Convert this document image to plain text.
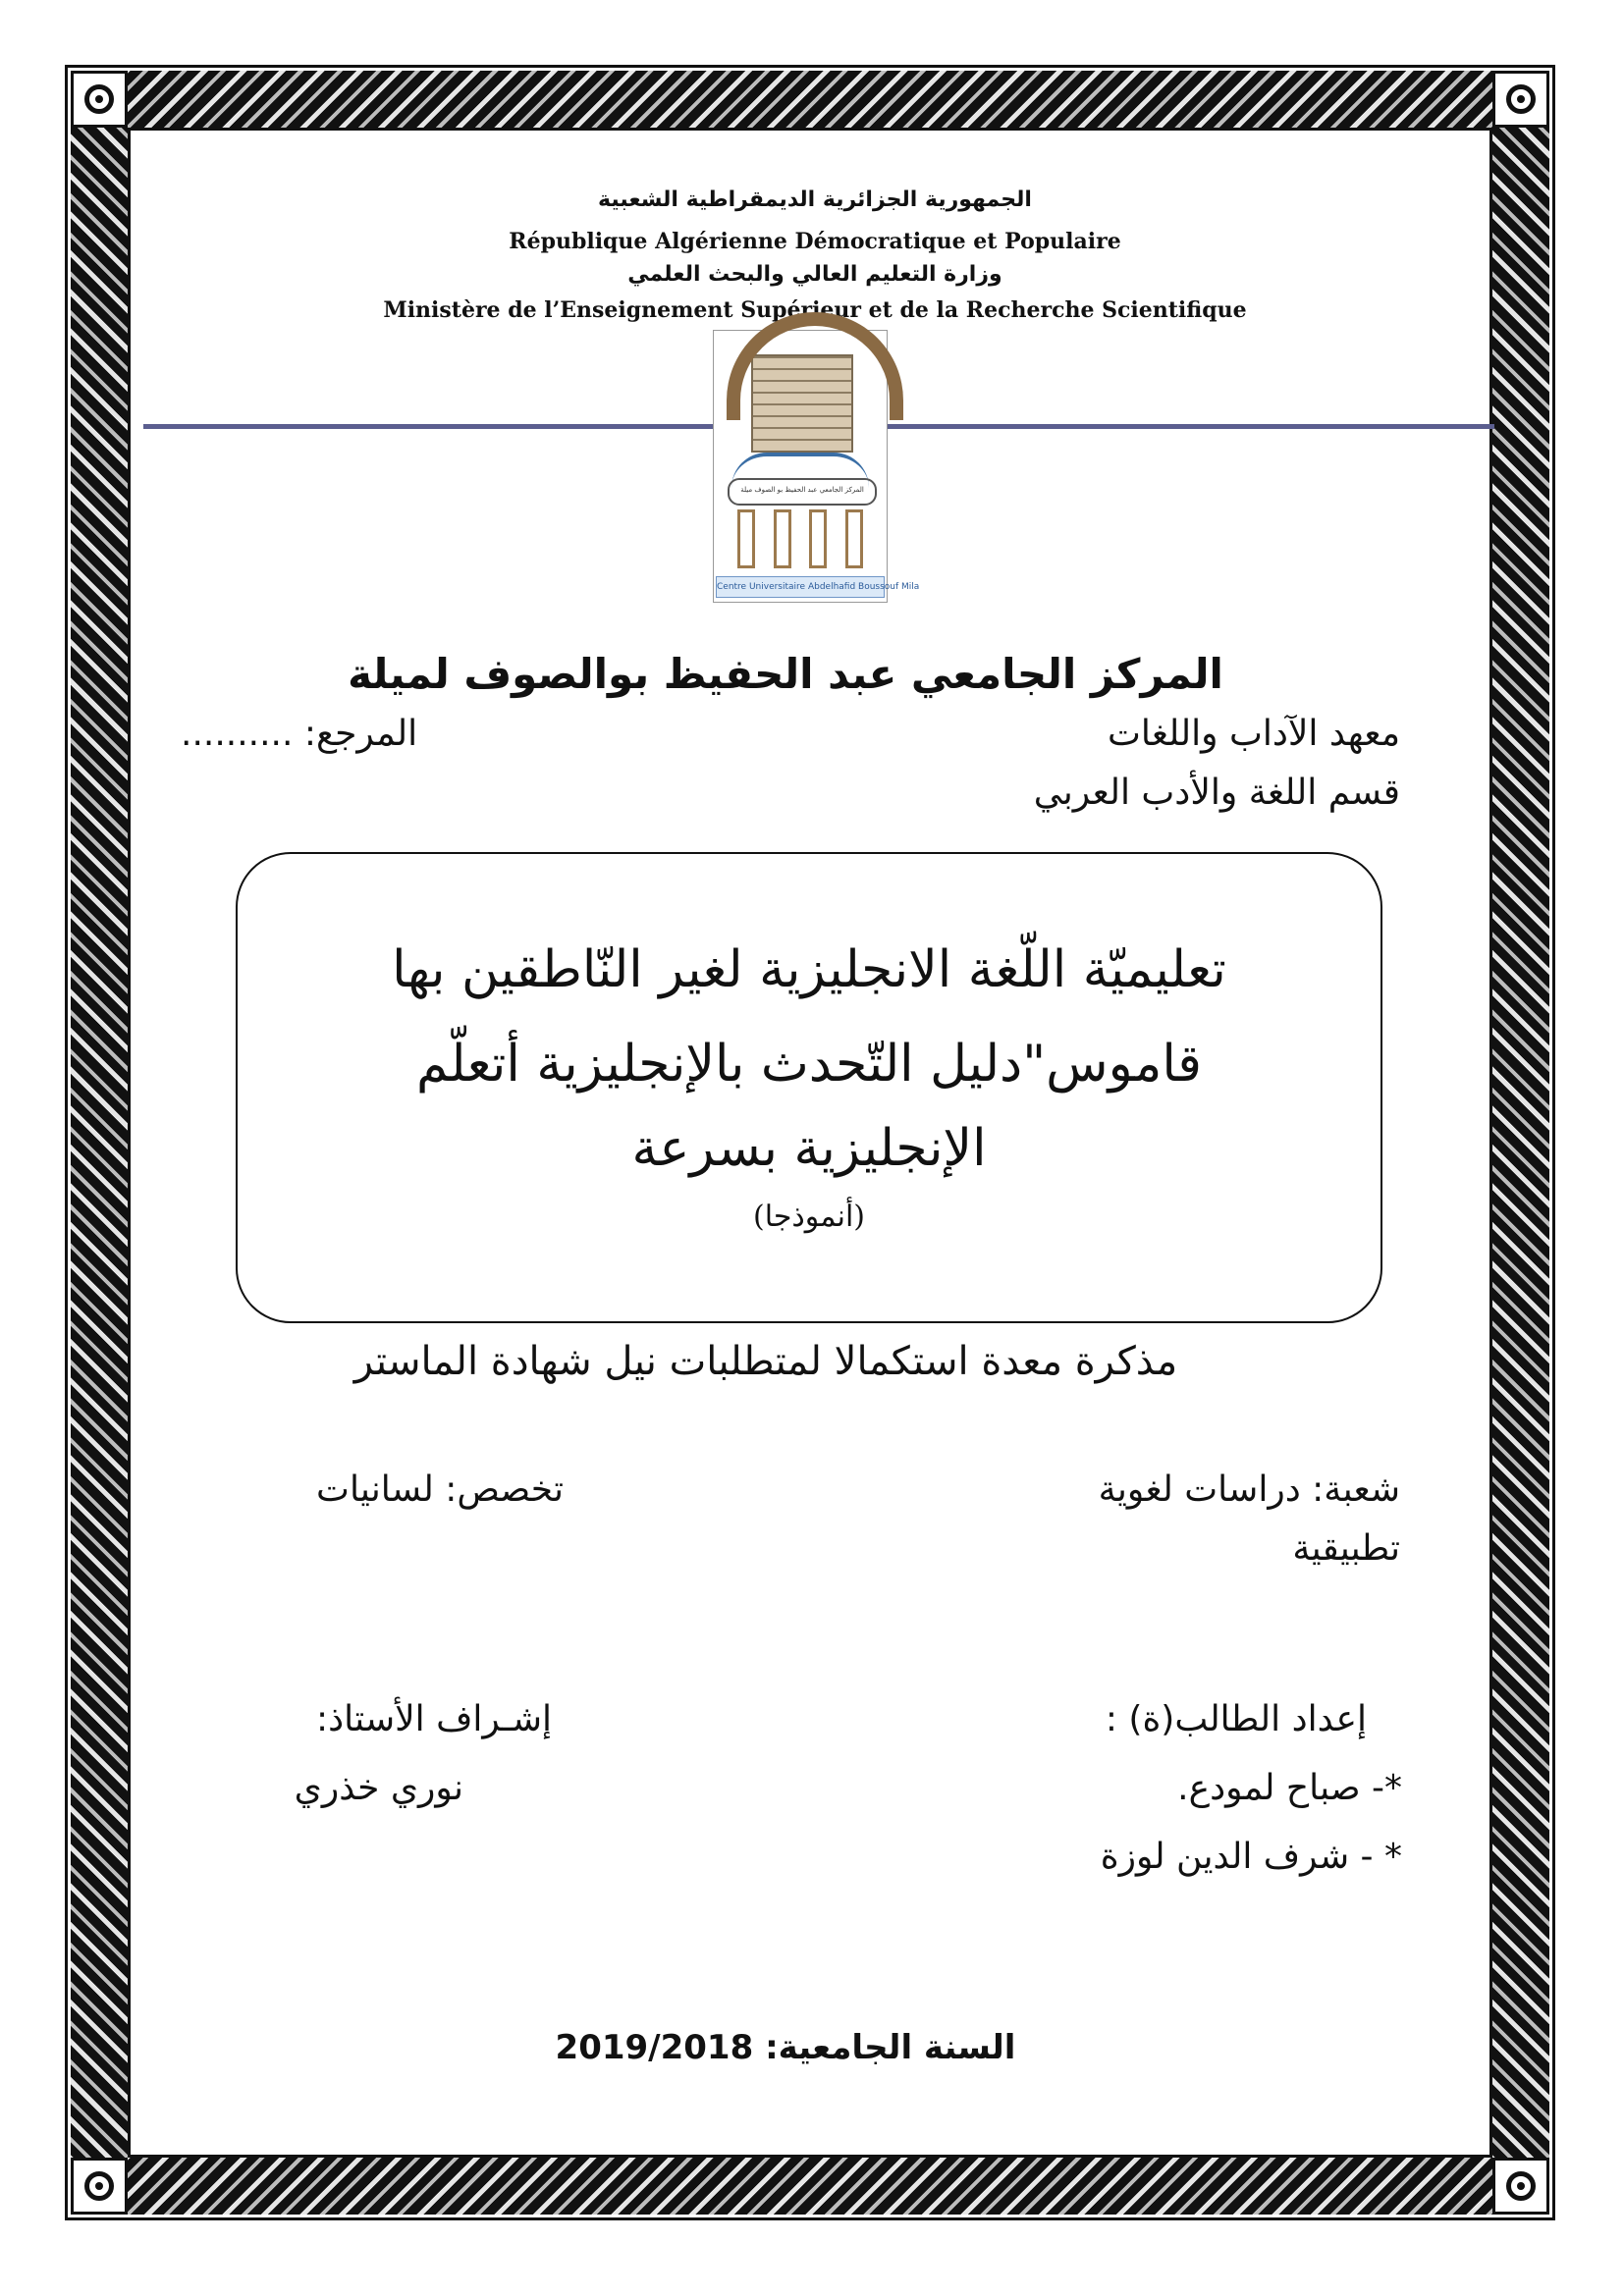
الجمهورية الجزائرية الديمقراطية الشعبية
République Algérienne Démocratique et Populaire
وزارة التعليم العالي والبحث العلمي
Ministère de l’Enseignement Supérieur et de la Recherche Scientifique
المركز الجامعي عبد الحفيظ بو الصوف ميلة
Centre Universitaire Abdelhafid Boussouf Mila
المركز الجامعي عبد الحفيظ بوالصوف لميلة
معهد الآداب واللغات
المرجع: ..........
قسم اللغة والأدب العربي
تعليميّة اللّغة الانجليزية لغير النّاطقين بها
قاموس"دليل التّحدث بالإنجليزية أتعلّم
الإنجليزية بسرعة
(أنموذجا)
مذكرة معدة استكمالا لمتطلبات نيل شهادة الماستر
شعبة: دراسات لغوية
تطبيقية
تخصص: لسانيات
إعداد الطالب(ة) :
*- صباح لمودع.
* - شرف الدين لوزة
إشـراف الأستاذ:
نوري خذري
السنة الجامعية: 2019/2018
